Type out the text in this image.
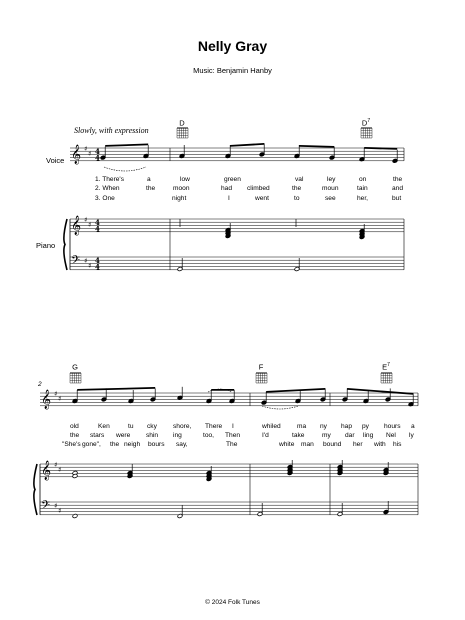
Nelly Gray
Music: Benjamin Hanby
Slowly, with expression
Voice
Piano
2
D	$D^7$
G	F	$E^7$
1. There's	a	low	green	val	ley	on	the
2. When	the	moon	had climbed	the	moun	tain	and
3. One	night	I	went	to	see	her,	but
old	Ken	tu cky shore, There I	whiled ma ny hap py hours a
the stars were shin ing	too, Then	I'd	take	my dar ling Nel ly
"She's gone", the neigh bours say,	The	white man bound her with his
© 2024 Folk Tunes
𝄞
𝄞
𝄢
♯
♯
♯
♯
♯
♯
4
4
4
4
4
4
𝄞
𝄞
𝄢
♯
♯
♯
♯
♯
♯
